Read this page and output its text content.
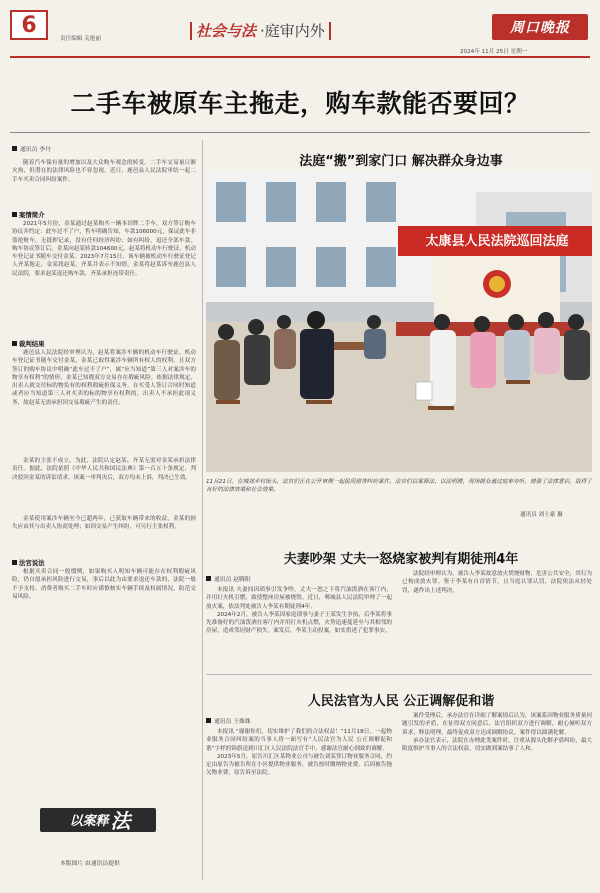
6
责任编辑 关艳丽	社会与法 ·庭审内外	周口晚报
2024年 11月 25日 星期一
二手车被原车主拖走，购车款能否要回？
通讯员 李丹

随着汽车保有量的增加以及大众购车观念的转变，二手车交易量日渐火热，但潜在的法律风险也不容忽视。近日，鹿邑县人民法院审结一起二手车买卖合同纠纷案件。

案情简介

2021年5月份，金某通过赵某购买一辆本田牌二手车，双方签订购车协议并约定：此车过不了户，售车明确告知，车款106000元，保证此车非盗抢赃车，无抵押记录，没有任何经济纠纷；如有纠纷，退还全部车款。购车协议签订后，金某向赵某转款104600元，赵某将机动车行驶证、机动车登记证书随车交付金某。2023年7月15日，该车辆被机动车行驶证登记人齐某拖走。金某找赵某，齐某并表示不知情，金某将赵某诉至鹿邑县人民法院，要求赵某返还购车款，齐某承担连带责任。

裁判结果

鹿邑县人民法院经审理认为，赵某将案涉车辆的机动车行驶证、机动车登记证书随车交付金某，金某已取得案涉车辆所有权人的权利，且双方签订的购车协议中明确“此车过不了户”，属“应当知道”第三人对案涉车的物享有权利”的情形，金某已知晓双方交易存在瑕疵风险。依据法律规定，出卖人就交付标的物负有的权利瑕疵担保义务，在买受人签订合同时知道或者应当知道第三人对买卖的标的物享有权利的，出卖人不承担此项义务，故赵某无需承担因交易瑕疵产生的责任。

金某的主张不成立。为此，法院认定赵某、齐某无需对金某承担法律责任。据此，法院依照《中华人民共和国民法典》第一百五十条规定，判决驳回金某的诉讼请求。该案一审判决后，双方均未上诉，判决已生效。

金某使用案涉车辆至今已超两年，已获取车辆带来的收益，金某的损失应由其与出卖人协商处理；如因交易产生纠纷，可另行主张权利。

法官说法

根据买卖合同一般惯例，如果购买人明知车辆可能存在权利瑕疵风险，仍自愿承担风险进行交易，事后以此为由要求退还车款的，法院一般不予支持。消费者购买二手车时应谨慎核实车辆手续及权属情况，防范交易风险。

以案释 法
本版图片 由通讯员提供
法庭“搬”到家门口 解决群众身边事
太康县人民法院巡回法庭

11月21日，在城郊乡村街头，法官们正在公开审理一起民间借贷纠纷案件。法官们以案释法、以法明理，现场群众通过庭审旁听，增强了法律意识，取得了良好的法律效果和社会效果。

通讯员 刘士豪 摄
夫妻吵架 丈夫一怒烧家被判有期徒刑4年
通讯员 赵腾阳

本报讯 夫妻间因琐事引发争吵，丈夫一怒之下将汽油泼洒在客厅内，并用打火机引燃，致使整座房屋被烧毁。近日，郸城县人民法院审理了一起放火案，依法判处被告人李某有期徒刑4年。

2024年2月，被告人李某因家庭琐事与妻子王某发生争执，后李某将事先准备好的汽油泼洒在客厅内并用打火机点燃，火势迅速蔓延至与其相邻的房屋，造成邻居财产损失。案发后，李某主动投案，如实供述了犯罪事实。

法院经审理认为，被告人李某故意放火焚烧财物，危害公共安全，其行为已构成放火罪。鉴于李某有自首情节，且当庭认罪认罚，法院依法从轻处罚，遂作出上述判决。

人民法官为人民 公正调解促和谐
通讯员 王姝姝

本报讯 “谢谢你们，切实维护了我们的合法权益！”11月18日，一起物业服务合同纠纷案的当事人将一面写有“人民法官为人民 公正调解促和谐”字样的锦旗送到川汇区人民法院法官手中，感谢法官耐心细致的调解。

2023年5月，原告川汇区某物业公司与被告刘某签订物业服务合同，约定由原告为被告所在小区提供物业服务，被告按时缴纳物业费。后因被告拖欠物业费，原告诉至法院。

案件受理后，承办法官在详细了解案情后认为，该案系因物业服务质量问题引发的矛盾，在征得双方同意后，法官组织双方进行调解，耐心倾听双方诉求，释法明理，最终促成双方达成调解协议，案件得以圆满化解。

承办法官表示，法院在办理此类案件时，注重从源头化解矛盾纠纷，最大限度维护当事人的合法权益，切实做到案结事了人和。
